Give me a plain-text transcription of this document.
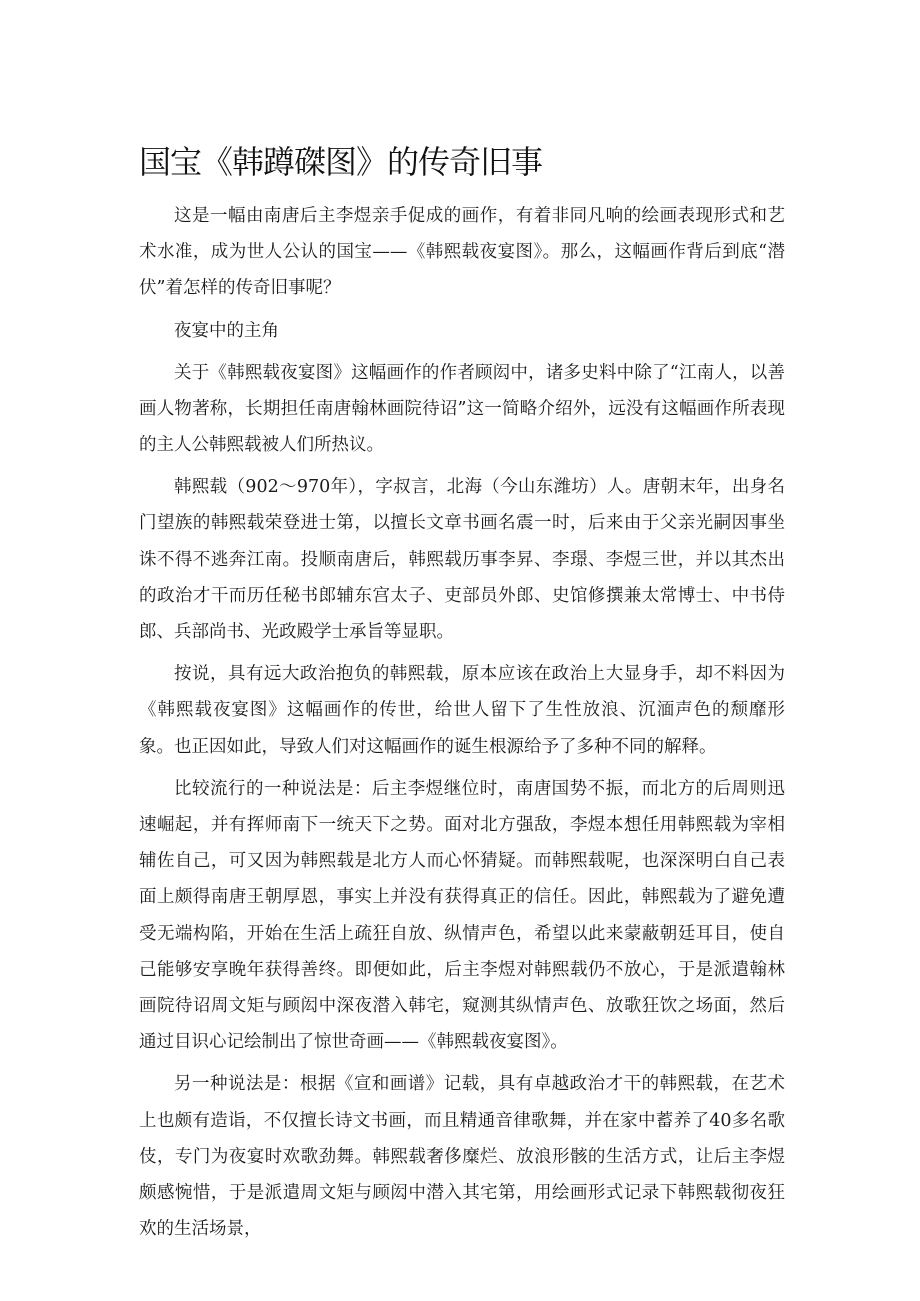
国宝《韩蹲磔图》的传奇旧事

这是一幅由南唐后主李煜亲手促成的画作，有着非同凡响的绘画表现形式和艺术水准，成为世人公认的国宝——《韩熙载夜宴图》。那么，这幅画作背后到底“潜伏”着怎样的传奇旧事呢？

夜宴中的主角

关于《韩熙载夜宴图》这幅画作的作者顾闳中，诸多史料中除了“江南人，以善画人物著称，长期担任南唐翰林画院待诏”这一简略介绍外，远没有这幅画作所表现的主人公韩熙载被人们所热议。

韩熙载（902～970年），字叔言，北海（今山东潍坊）人。唐朝末年，出身名门望族的韩熙载荣登进士第，以擅长文章书画名震一时，后来由于父亲光嗣因事坐诛不得不逃奔江南。投顺南唐后，韩熙载历事李昇、李璟、李煜三世，并以其杰出的政治才干而历任秘书郎辅东宫太子、吏部员外郎、史馆修撰兼太常博士、中书侍郎、兵部尚书、光政殿学士承旨等显职。

按说，具有远大政治抱负的韩熙载，原本应该在政治上大显身手，却不料因为《韩熙载夜宴图》这幅画作的传世，给世人留下了生性放浪、沉湎声色的颓靡形象。也正因如此，导致人们对这幅画作的诞生根源给予了多种不同的解释。

比较流行的一种说法是：后主李煜继位时，南唐国势不振，而北方的后周则迅速崛起，并有挥师南下一统天下之势。面对北方强敌，李煜本想任用韩熙载为宰相辅佐自己，可又因为韩熙载是北方人而心怀猜疑。而韩熙载呢，也深深明白自己表面上颇得南唐王朝厚恩，事实上并没有获得真正的信任。因此，韩熙载为了避免遭受无端构陷，开始在生活上疏狂自放、纵情声色，希望以此来蒙蔽朝廷耳目，使自己能够安享晚年获得善终。即便如此，后主李煜对韩熙载仍不放心，于是派遣翰林画院待诏周文矩与顾闳中深夜潜入韩宅，窥测其纵情声色、放歌狂饮之场面，然后通过目识心记绘制出了惊世奇画——《韩熙载夜宴图》。

另一种说法是：根据《宣和画谱》记载，具有卓越政治才干的韩熙载，在艺术上也颇有造诣，不仅擅长诗文书画，而且精通音律歌舞，并在家中蓄养了40多名歌伎，专门为夜宴时欢歌劲舞。韩熙载奢侈糜烂、放浪形骸的生活方式，让后主李煜颇感惋惜，于是派遣周文矩与顾闳中潜入其宅第，用绘画形式记录下韩熙载彻夜狂欢的生活场景，
